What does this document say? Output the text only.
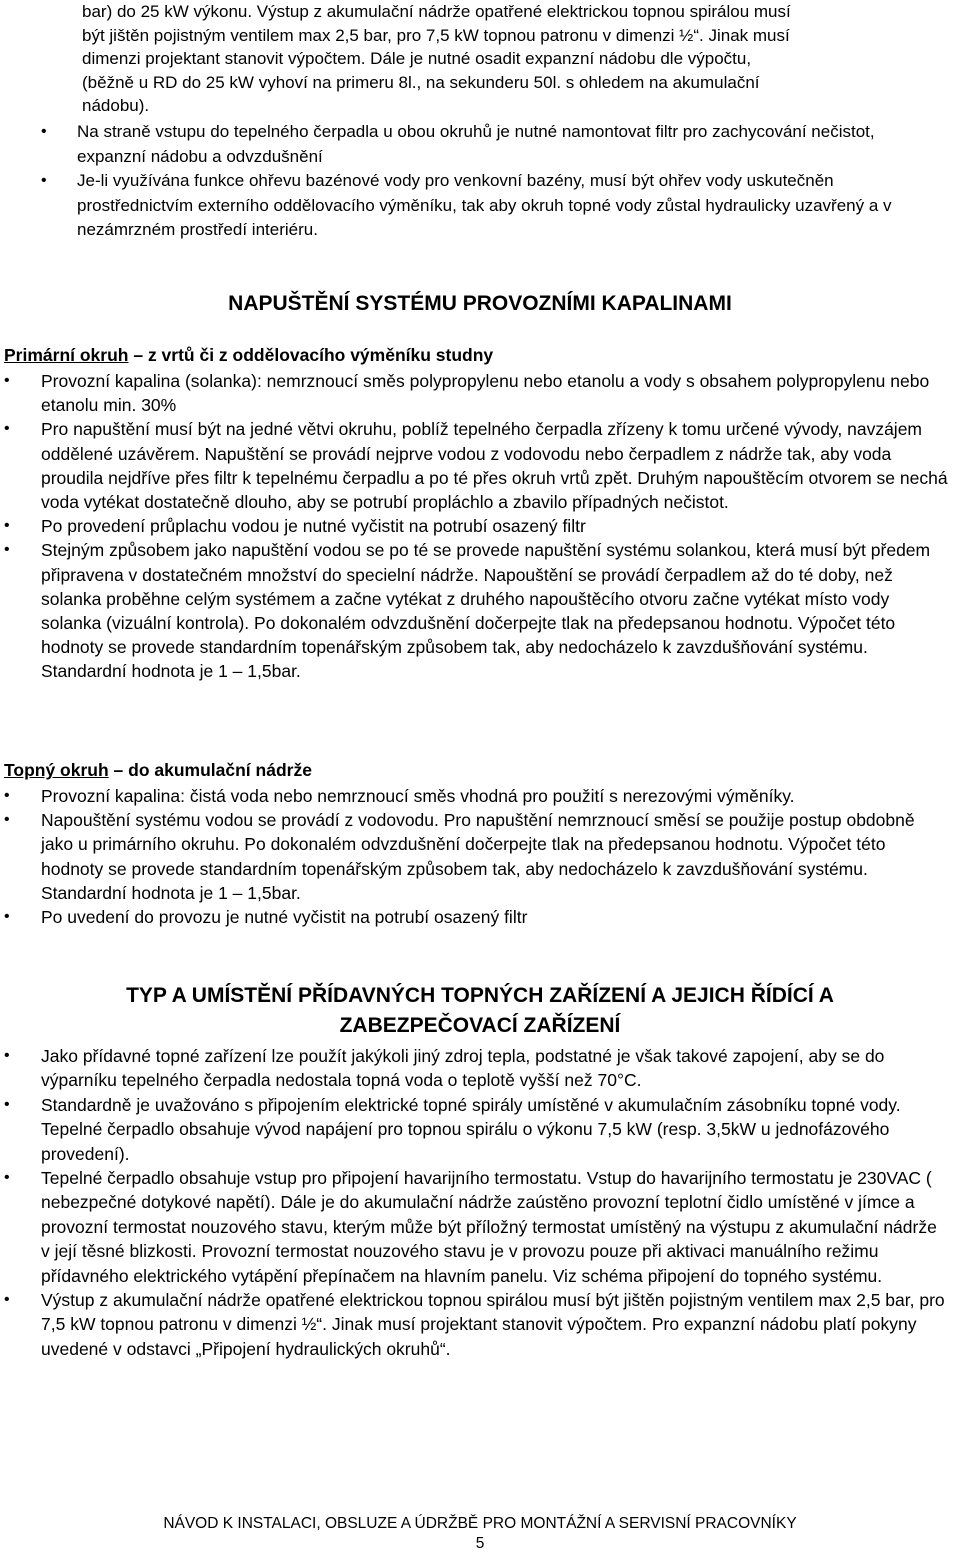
bar) do 25 kW výkonu. Výstup z akumulační nádrže opatřené elektrickou topnou spirálou musí
být jištěn pojistným ventilem max 2,5 bar, pro 7,5 kW topnou patronu v dimenzi ½“. Jinak musí
dimenzi projektant stanovit výpočtem. Dále je nutné osadit expanzní nádobu dle výpočtu,
(běžně u RD do 25 kW vyhoví na primeru 8l., na sekunderu 50l. s ohledem na akumulační
nádobu).
• Na straně vstupu do tepelného čerpadla u obou okruhů je nutné namontovat filtr pro zachycování nečistot, expanzní nádobu a odvzdušnění
• Je-li využívána funkce ohřevu bazénové vody pro venkovní bazény, musí být ohřev vody uskutečněn prostřednictvím externího oddělovacího výměníku, tak aby okruh topné vody zůstal hydraulicky uzavřený a v nezámrzném prostředí interiéru.
NAPUŠTĚNÍ SYSTÉMU PROVOZNÍMI KAPALINAMI
Primární okruh – z vrtů či z oddělovacího výměníku studny
• Provozní kapalina (solanka): nemrznoucí směs polypropylenu nebo etanolu a vody s obsahem polypropylenu nebo etanolu min. 30%
• Pro napuštění musí být na jedné větvi okruhu, poblíž tepelného čerpadla zřízeny k tomu určené vývody, navzájem oddělené uzávěrem. Napuštění se provádí nejprve vodou z vodovodu nebo čerpadlem z nádrže tak, aby voda proudila nejdříve přes filtr k tepelnému čerpadlu a po té přes okruh vrtů zpět. Druhým napouštěcím otvorem se nechá voda vytékat dostatečně dlouho, aby se potrubí propláchlo a zbavilo případných nečistot.
• Po provedení průplachu vodou je nutné vyčistit na potrubí osazený filtr
• Stejným způsobem jako napuštění vodou se po té se provede napuštění systému solankou, která musí být předem připravena v dostatečném množství do specielní nádrže. Napouštění se provádí čerpadlem až do té doby, než solanka proběhne celým systémem a začne vytékat z druhého napouštěcího otvoru začne vytékat místo vody solanka (vizuální kontrola). Po dokonalém odvzdušnění dočerpejte tlak na předepsanou hodnotu. Výpočet této hodnoty se provede standardním topenářským způsobem tak, aby nedocházelo k zavzdušňování systému. Standardní hodnota je 1 – 1,5bar.
Topný okruh – do akumulační nádrže
• Provozní kapalina: čistá voda nebo nemrznoucí směs vhodná pro použití s nerezovými výměníky.
• Napouštění systému vodou se provádí z vodovodu. Pro napuštění nemrznoucí směsí se použije postup obdobně jako u primárního okruhu. Po dokonalém odvzdušnění dočerpejte tlak na předepsanou hodnotu. Výpočet této hodnoty se provede standardním topenářským způsobem tak, aby nedocházelo k zavzdušňování systému. Standardní hodnota je 1 – 1,5bar.
• Po uvedení do provozu je nutné vyčistit na potrubí osazený filtr
TYP A UMÍSTĚNÍ PŘÍDAVNÝCH TOPNÝCH ZAŘÍZENÍ A JEJICH ŘÍDÍCÍ A
ZABEZPEČOVACÍ ZAŘÍZENÍ
• Jako přídavné topné zařízení lze použít jakýkoli jiný zdroj tepla, podstatné je však takové zapojení, aby se do výparníku tepelného čerpadla nedostala topná voda o teplotě vyšší než 70°C.
• Standardně je uvažováno s připojením elektrické topné spirály umístěné v akumulačním zásobníku topné vody. Tepelné čerpadlo obsahuje vývod napájení pro topnou spirálu o výkonu 7,5 kW (resp. 3,5kW u jednofázového provedení).
• Tepelné čerpadlo obsahuje vstup pro připojení havarijního termostatu. Vstup do havarijního termostatu je 230VAC ( nebezpečné dotykové napětí). Dále je do akumulační nádrže zaústěno provozní teplotní čidlo umístěné v jímce a provozní termostat nouzového stavu, kterým může být příložný termostat umístěný na výstupu z akumulační nádrže v její těsné blizkosti. Provozní termostat nouzového stavu je v provozu pouze při aktivaci manuálního režimu přídavného elektrického vytápění přepínačem na hlavním panelu. Viz schéma připojení do topného systému.
• Výstup z akumulační nádrže opatřené elektrickou topnou spirálou musí být jištěn pojistným ventilem max 2,5 bar, pro 7,5 kW topnou patronu v dimenzi ½“. Jinak musí projektant stanovit výpočtem. Pro expanzní nádobu platí pokyny uvedené v odstavci „Připojení hydraulických okruhů“.
NÁVOD K INSTALACI, OBSLUZE A ÚDRŽBĚ PRO MONTÁŽNÍ A SERVISNÍ PRACOVNÍKY
5
